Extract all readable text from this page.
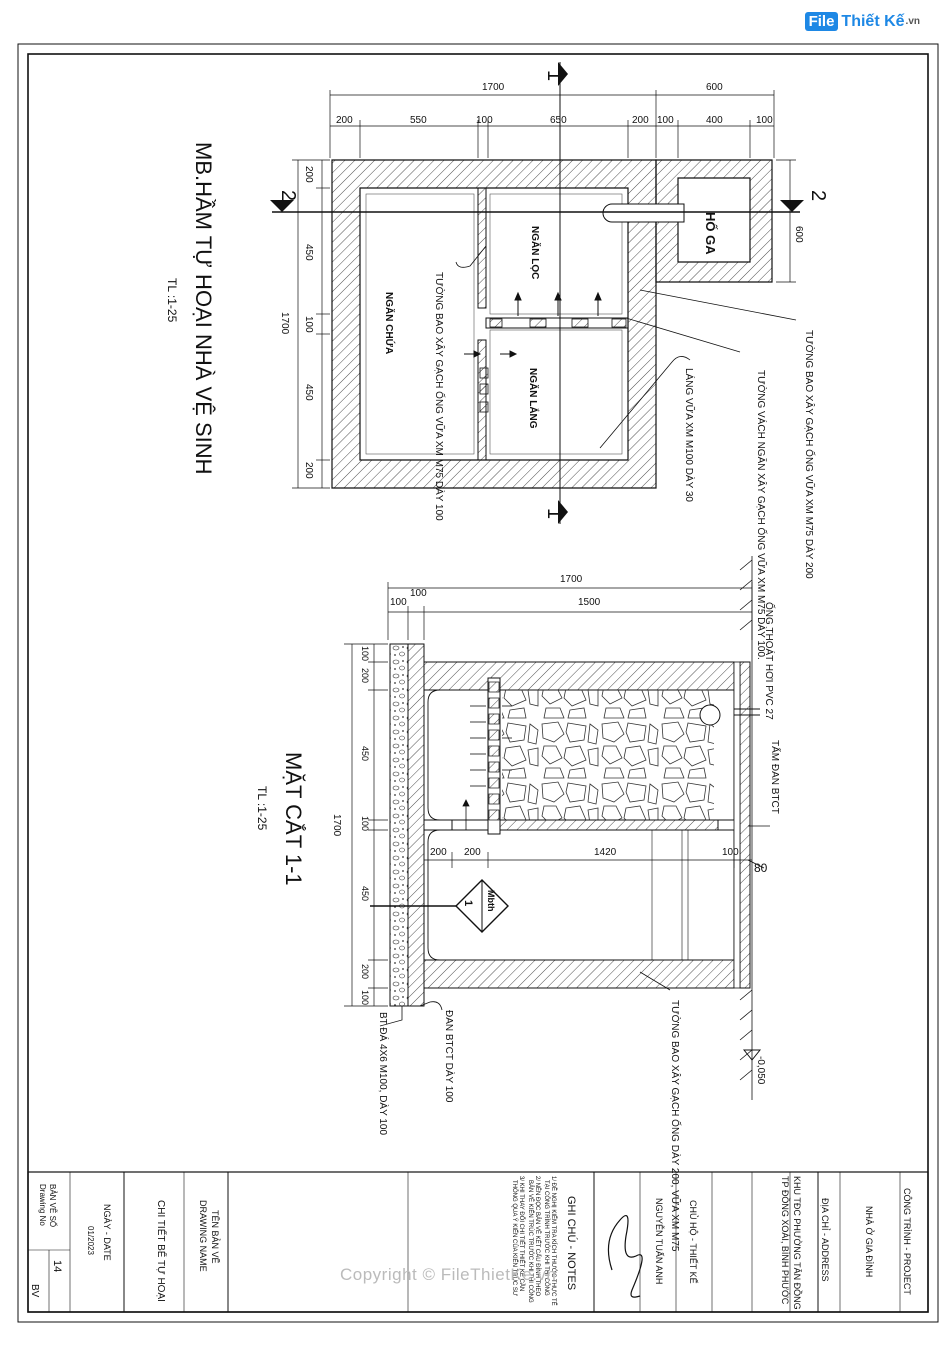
MB.HẦM TỰ HOẠI NHÀ VỆ SINH
TL :1-25
1
1
2	2
1700	600
200	550	100	650	200 100	400	100
1700
200
450
100
450
200
600
NGĂN LỌC
NGĂN LẮNG
NGĂN CHỨA
HỐ GA
TƯỜNG BAO XÂY GẠCH ỐNG VỮA XM M75 DÀY 100	TƯỜNG BAO XÂY GẠCH ỐNG VỮA XM M75 DÀY 200
TƯỜNG VÁCH NGĂN XÂY GẠCH ỐNG VỮA XM M75 DÀY 100.
LÁNG VỮA XM M100 DÀY 30
MẶT CẮT 1-1
TL :1-25
1700
100
100
1500
1700
100
200
450
100
450
200
100
200 200	1420	100
80
Mbth
1
-0,050
ỐNG THOÁT HƠI PVC 27
TẤM ĐAN BTCT
TƯỜNG BAO XÂY GẠCH ỐNG DÀY 200, VỮA XM M75
ĐAN BTCT DÀY 100
BT ĐÁ 4X6 M100, DÀY 100
CÔNG TRÌNH - PROJECT
NHÀ Ở GIA ĐÌNH
ĐỊA CHỈ - ADDRESS
KHU TĐC PHƯỜNG TÂN ĐỒNG
TP ĐỒNG XOÀI, BÌNH PHƯỚC
CHỦ HỘ - THIẾT KẾ
NGUYỄN TUẤN ANH
GHI CHÚ - NOTES
1/ ĐỀ NGHỊ KIỂM TRA KÍCH THƯỚC THỰC TẾ
TẠI CÔNG TRÌNH TRƯỚC KHI THI CÔNG
2/ NÊN ĐỌC BẢN VẼ KẾT CẤU ĐÍNH THEO
BẢN VẼ KIẾN TRÚC TRƯỚC KHI THI CÔNG
3/ KHI THAY ĐỔI CHI TIẾT THIẾT KẾ CẦN
THÔNG QUA Ý KIẾN CỦA KIẾN TRÚC SƯ
TÊN BẢN VẼ
DRAWING NAME
CHI TIẾT BỂ TỰ HOẠI
NGÀY - DATE
01/2023
BẢN VẼ SỐ
Drawing No
14
BV
File Thiết Kế .vn
Copyright © FileThietKe.vn
